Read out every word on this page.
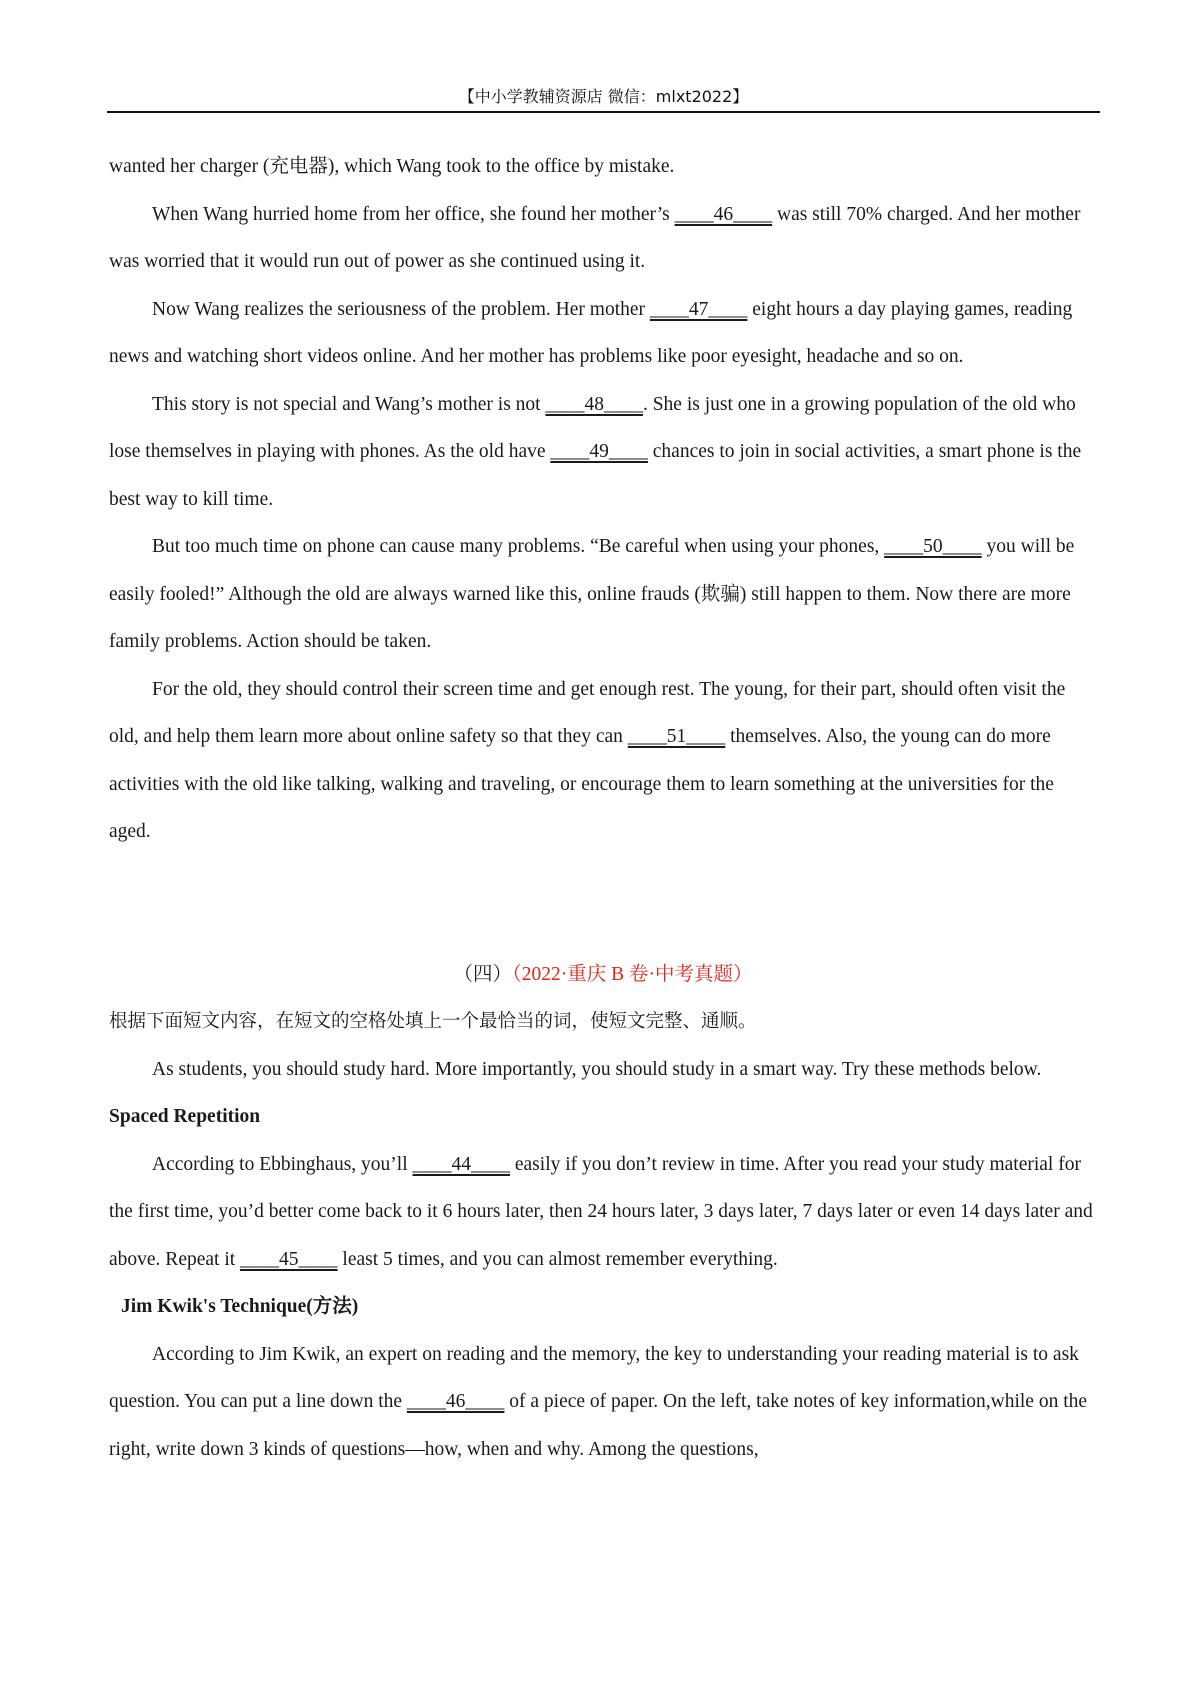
【中小学教辅资源店 微信：mlxt2022】

wanted her charger (充电器), which Wang took to the office by mistake.

When Wang hurried home from her office, she found her mother’s ____46____ was still 70% charged. And her mother was worried that it would run out of power as she continued using it.

Now Wang realizes the seriousness of the problem. Her mother ____47____ eight hours a day playing games, reading news and watching short videos online. And her mother has problems like poor eyesight, headache and so on.

This story is not special and Wang’s mother is not ____48____. She is just one in a growing population of the old who lose themselves in playing with phones. As the old have ____49____ chances to join in social activities, a smart phone is the best way to kill time.

But too much time on phone can cause many problems. “Be careful when using your phones, ____50____ you will be easily fooled!” Although the old are always warned like this, online frauds (欺骗) still happen to them. Now there are more family problems. Action should be taken.

For the old, they should control their screen time and get enough rest. The young, for their part, should often visit the old, and help them learn more about online safety so that they can ____51____ themselves. Also, the young can do more activities with the old like talking, walking and traveling, or encourage them to learn something at the universities for the aged.

（四）（2022·重庆 B 卷·中考真题）

根据下面短文内容，在短文的空格处填上一个最恰当的词，使短文完整、通顺。

As students, you should study hard. More importantly, you should study in a smart way. Try these methods below.

Spaced Repetition

According to Ebbinghaus, you’ll ____44____ easily if you don’t review in time. After you read your study material for the first time, you’d better come back to it 6 hours later, then 24 hours later, 3 days later, 7 days later or even 14 days later and above. Repeat it ____45____ least 5 times, and you can almost remember everything.

Jim Kwik's Technique(方法)

According to Jim Kwik, an expert on reading and the memory, the key to understanding your reading material is to ask question. You can put a line down the ____46____ of a piece of paper. On the left, take notes of key information,while on the right, write down 3 kinds of questions—how, when and why. Among the questions,
